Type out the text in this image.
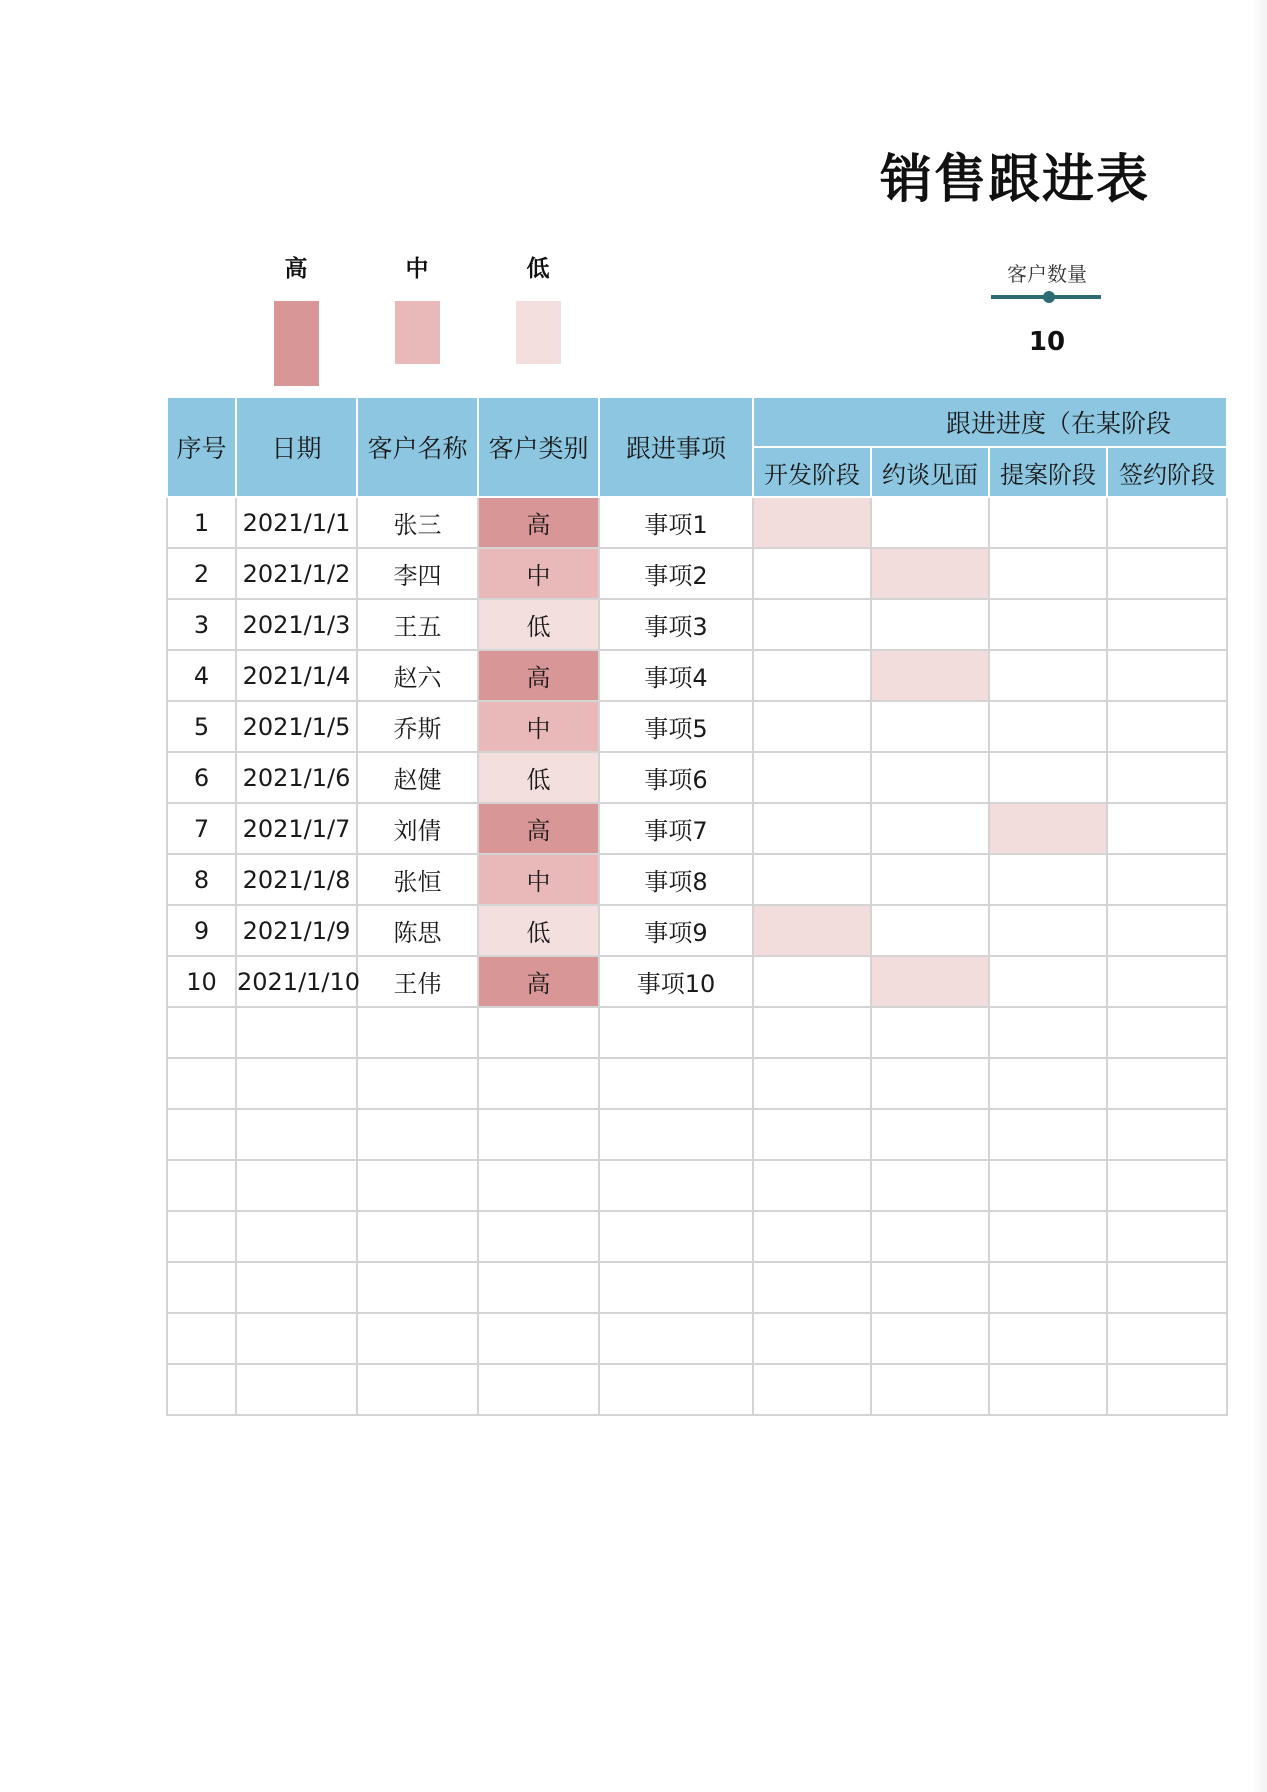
销售跟进表
高	中	低	客户数量
10
序号	日期	客户名称	客户类别	跟进事项	跟进进度（在某阶段			
					开发阶段	约谈见面	提案阶段	签约阶段
1	2021/1/1	张三	高	事项1				
2	2021/1/2	李四	中	事项2				
3	2021/1/3	王五	低	事项3				
4	2021/1/4	赵六	高	事项4				
5	2021/1/5	乔斯	中	事项5				
6	2021/1/6	赵健	低	事项6				
7	2021/1/7	刘倩	高	事项7				
8	2021/1/8	张恒	中	事项8				
9	2021/1/9	陈思	低	事项9				
10	2021/1/10	王伟	高	事项10				
